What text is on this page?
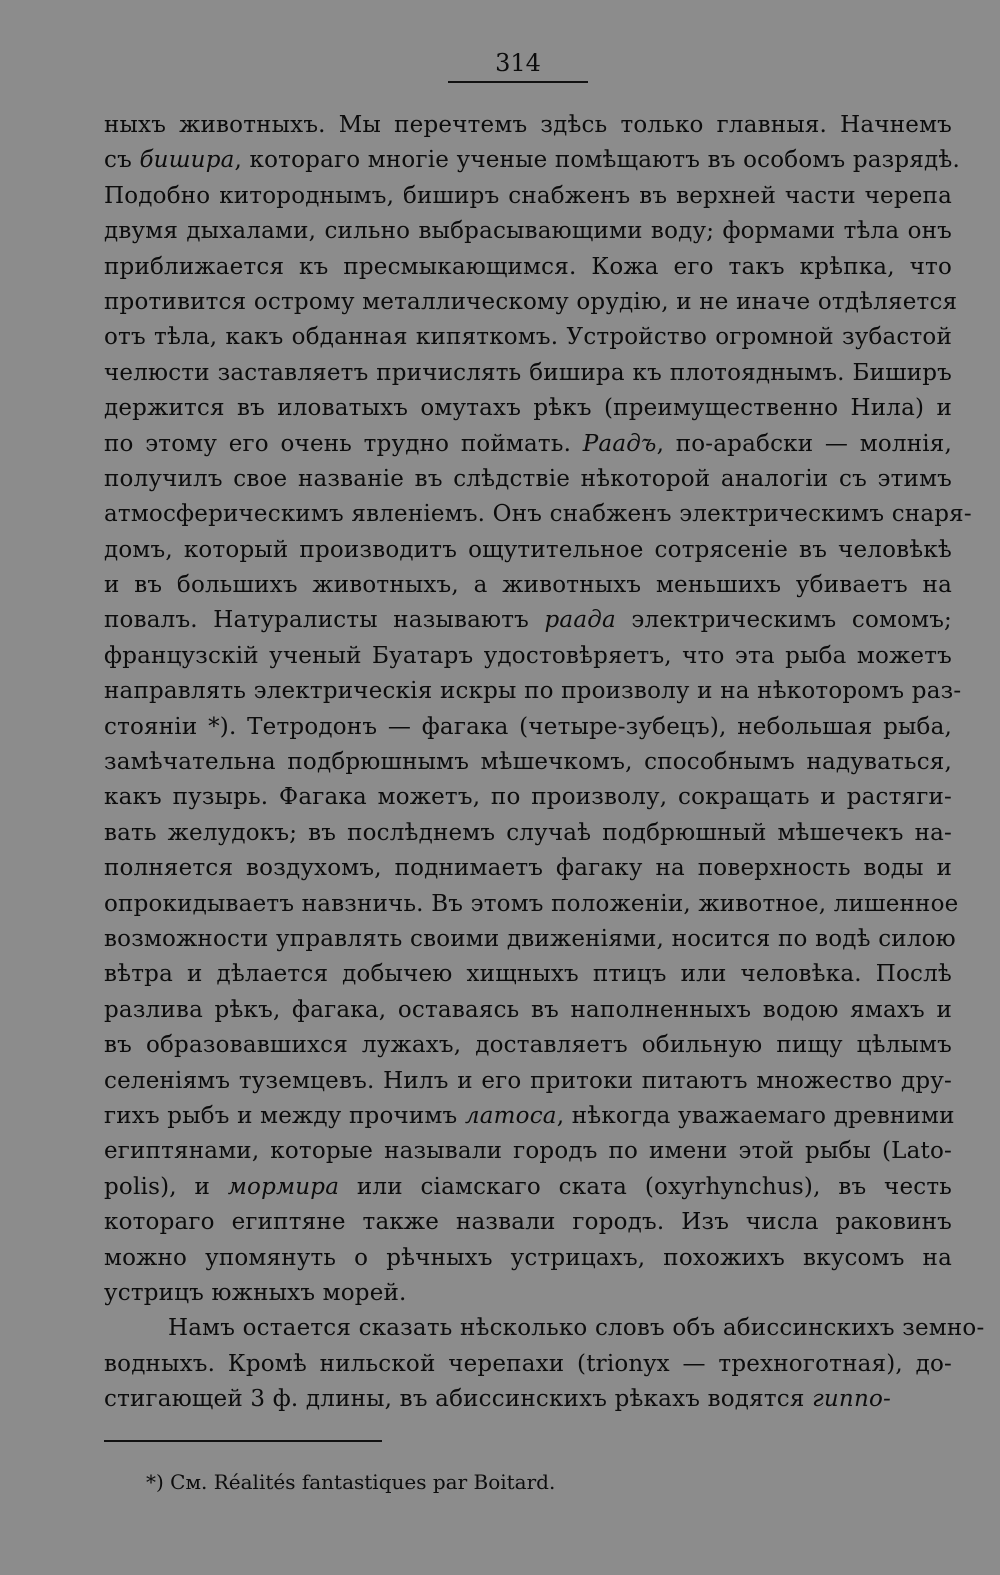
314
ныхъ животныхъ. Мы перечтемъ здѣсь только главныя. Начнемъ
съ бишира, котораго многіе ученые помѣщаютъ въ особомъ разрядѣ.
Подобно китороднымъ, биширъ снабженъ въ верхней части черепа
двумя дыхалами, сильно выбрасывающими воду; формами тѣла онъ
приближается къ пресмыкающимся. Кожа его такъ крѣпка, что
противится острому металлическому орудію, и не иначе отдѣляется
отъ тѣла, какъ обданная кипяткомъ. Устройство огромной зубастой
челюсти заставляетъ причислять бишира къ плотояднымъ. Биширъ
держится въ иловатыхъ омутахъ рѣкъ (преимущественно Нила) и
по этому его очень трудно поймать. Раадъ, по-арабски — молнія,
получилъ свое названіе въ слѣдствіе нѣкоторой аналогіи съ этимъ
атмосферическимъ явленіемъ. Онъ снабженъ электрическимъ снаря-
домъ, который производитъ ощутительное сотрясеніе въ человѣкѣ
и въ большихъ животныхъ, а животныхъ меньшихъ убиваетъ на
повалъ. Натуралисты называютъ раада электрическимъ сомомъ;
французскій ученый Буатаръ удостовѣряетъ, что эта рыба можетъ
направлять электрическія искры по произволу и на нѣкоторомъ раз-
стояніи *). Тетродонъ — фагака (четыре-зубецъ), небольшая рыба,
замѣчательна подбрюшнымъ мѣшечкомъ, способнымъ надуваться,
какъ пузырь. Фагака можетъ, по произволу, сокращать и растяги-
вать желудокъ; въ послѣднемъ случаѣ подбрюшный мѣшечекъ на-
полняется воздухомъ, поднимаетъ фагаку на поверхность воды и
опрокидываетъ навзничь. Въ этомъ положеніи, животное, лишенное
возможности управлять своими движеніями, носится по водѣ силою
вѣтра и дѣлается добычею хищныхъ птицъ или человѣка. Послѣ
разлива рѣкъ, фагака, оставаясь въ наполненныхъ водою ямахъ и
въ образовавшихся лужахъ, доставляетъ обильную пищу цѣлымъ
селеніямъ туземцевъ. Нилъ и его притоки питаютъ множество дру-
гихъ рыбъ и между прочимъ латоса, нѣкогда уважаемаго древними
египтянами, которые называли городъ по имени этой рыбы (Lato-
polis), и мормира или сіамскаго ската (oxyrhynchus), въ честь
котораго египтяне также назвали городъ. Изъ числа раковинъ
можно упомянуть о рѣчныхъ устрицахъ, похожихъ вкусомъ на
устрицъ южныхъ морей.
Намъ остается сказать нѣсколько словъ объ абиссинскихъ земно-
водныхъ. Кромѣ нильской черепахи (trionyx — трехноготная), до-
стигающей 3 ф. длины, въ абиссинскихъ рѣкахъ водятся гиппо-
*) См. Réalités fantastiques par Boitard.
